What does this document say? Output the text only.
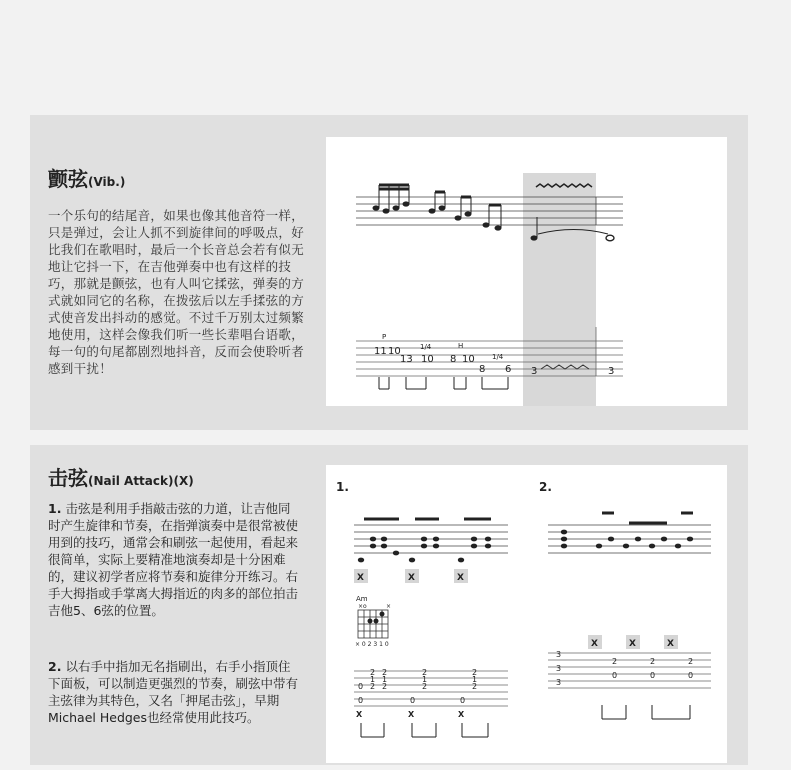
颤弦(Vib.)
一个乐句的结尾音，如果也像其他音符一样，只是弹过，会让人抓不到旋律间的呼吸点，好比我们在歌唱时，最后一个长音总会若有似无地让它抖一下，在吉他弹奏中也有这样的技巧，那就是颤弦，也有人叫它揉弦，弹奏的方式就如同它的名称，在拨弦后以左手揉弦的方式使音发出抖动的感觉。不过千万别太过频繁地使用，这样会像我们听一些长辈唱台语歌，每一句的句尾都剧烈地抖音，反而会使聆听者感到干扰！
11 10
13 10 8 10
8 6 3	3
P
1/4	H
1/4
击弦(Nail Attack)(X)
1. 击弦是利用手指敲击弦的力道，让吉他同时产生旋律和节奏，在指弹演奏中是很常被使用到的技巧，通常会和刷弦一起使用，看起来很简单，实际上要精准地演奏却是十分困难的，建议初学者应将节奏和旋律分开练习。右手大拇指或手掌离大拇指近的肉多的部位拍击吉他5、6弦的位置。
2. 以右手中指加无名指刷出，右手小指顶住下面板，可以制造更强烈的节奏，刷弦中带有主弦律为其特色，又名「押尾击弦」，早期Michael Hedges也经常使用此技巧。
1.	2.
X	X	X
Am
×o	×
× 0 2 3 1 0
0
0
2
1
2
2
1
2
0
2
1
2
0
2
1
2
X	X	X
X	X	X
3
3
3
2
0
2
0
2
0
